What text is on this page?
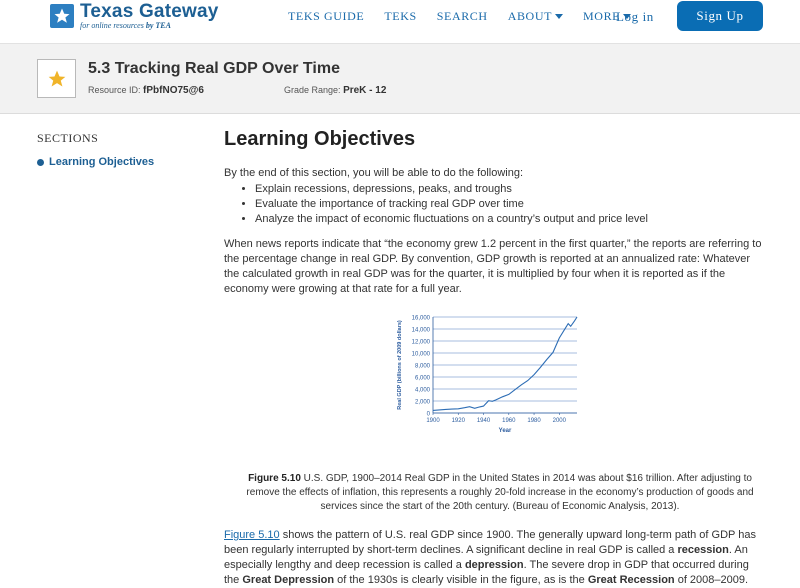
Texas Gateway
for online resources by TEA
TEKS GUIDE TEKS SEARCH ABOUT	MORE
Log in	Sign Up
5.3 Tracking Real GDP Over Time
Resource ID: fPbfNO75@6	Grade Range: PreK - 12
SECTIONS
Learning Objectives
Learning Objectives

By the end of this section, you will be able to do the following:

• Explain recessions, depressions, peaks, and troughs
• Evaluate the importance of tracking real GDP over time
• Analyze the impact of economic fluctuations on a country’s output and price level

When news reports indicate that “the economy grew 1.2 percent in the first quarter,” the reports are referring to the percentage change in real GDP. By convention, GDP growth is reported at an annualized rate: Whatever the calculated growth in real GDP was for the quarter, it is multiplied by four when it is reported as if the economy were growing at that rate for a full year.

0
2,000
4,000
6,000
8,000
10,000
12,000
14,000
16,000
1900 1920 1940 1960 1980 2000
Year
Real GDP (billions of 2009 dollars)
Figure 5.10 U.S. GDP, 1900–2014 Real GDP in the United States in 2014 was about $16 trillion. After adjusting to remove the effects of inflation, this represents a roughly 20-fold increase in the economy’s production of goods and services since the start of the 20th century. (Bureau of Economic Analysis, 2013).
Figure 5.10 shows the pattern of U.S. real GDP since 1900. The generally upward long-term path of GDP has been regularly interrupted by short-term declines. A significant decline in real GDP is called a recession. An especially lengthy and deep recession is called a depression. The severe drop in GDP that occurred during the Great Depression of the 1930s is clearly visible in the figure, as is the Great Recession of 2008–2009.
